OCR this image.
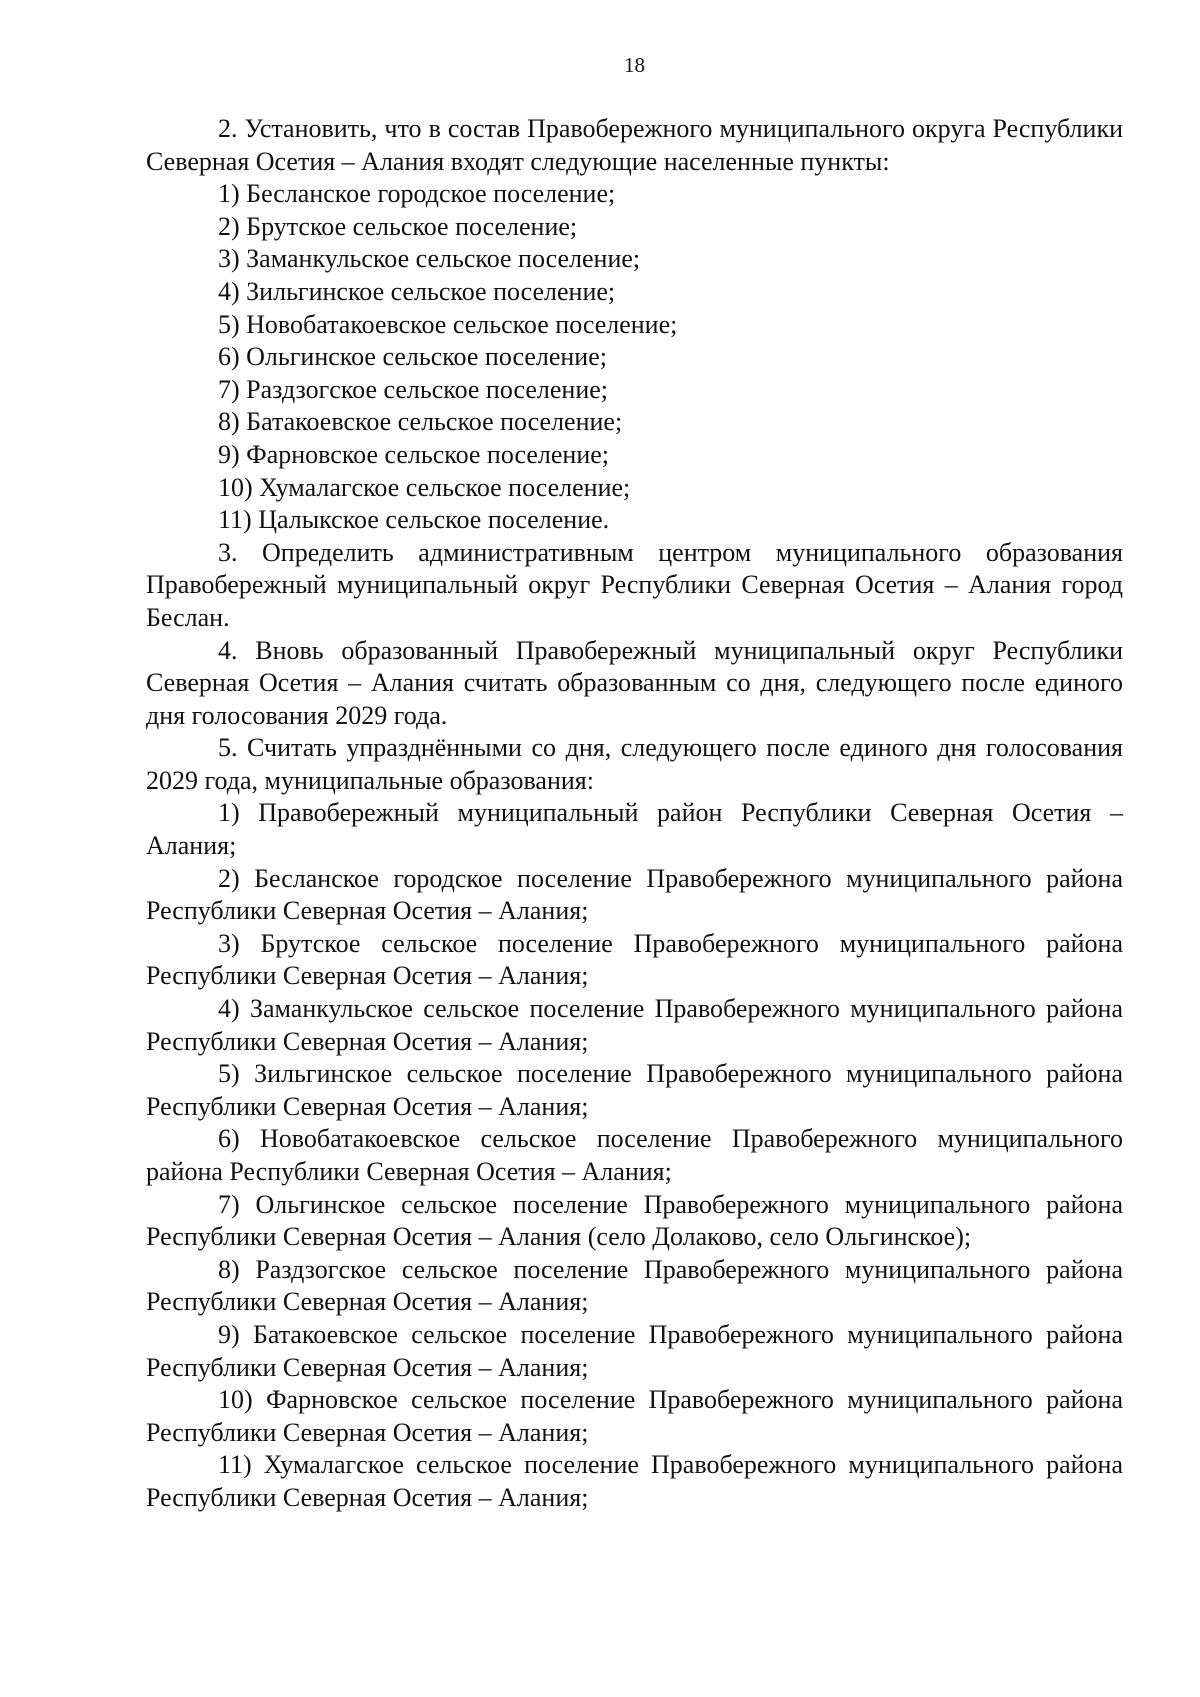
18

2. Установить, что в состав Правобережного муниципального округа Республики Северная Осетия – Алания входят следующие населенные пункты:

1) Бесланское городское поселение;

2) Брутское сельское поселение;

3) Заманкульское сельское поселение;

4) Зильгинское сельское поселение;

5) Новобатакоевское сельское поселение;

6) Ольгинское сельское поселение;

7) Раздзогское сельское поселение;

8) Батакоевское сельское поселение;

9) Фарновское сельское поселение;

10) Хумалагское сельское поселение;

11) Цалыкское сельское поселение.

3. Определить административным центром муниципального образования Правобережный муниципальный округ Республики Северная Осетия – Алания город Беслан.

4. Вновь образованный Правобережный муниципальный округ Республики Северная Осетия – Алания считать образованным со дня, следующего после единого дня голосования 2029 года.

5. Считать упразднёнными со дня, следующего после единого дня голосования 2029 года, муниципальные образования:

1) Правобережный муниципальный район Республики Северная Осетия – Алания;

2) Бесланское городское поселение Правобережного муниципального района Республики Северная Осетия – Алания;

3) Брутское сельское поселение Правобережного муниципального района Республики Северная Осетия – Алания;

4) Заманкульское сельское поселение Правобережного муниципального района Республики Северная Осетия – Алания;

5) Зильгинское сельское поселение Правобережного муниципального района Республики Северная Осетия – Алания;

6) Новобатакоевское сельское поселение Правобережного муниципального района Республики Северная Осетия – Алания;

7) Ольгинское сельское поселение Правобережного муниципального района Республики Северная Осетия – Алания (село Долаково, село Ольгинское);

8) Раздзогское сельское поселение Правобережного муниципального района Республики Северная Осетия – Алания;

9) Батакоевское сельское поселение Правобережного муниципального района Республики Северная Осетия – Алания;

10) Фарновское сельское поселение Правобережного муниципального района Республики Северная Осетия – Алания;

11) Хумалагское сельское поселение Правобережного муниципального района Республики Северная Осетия – Алания;
